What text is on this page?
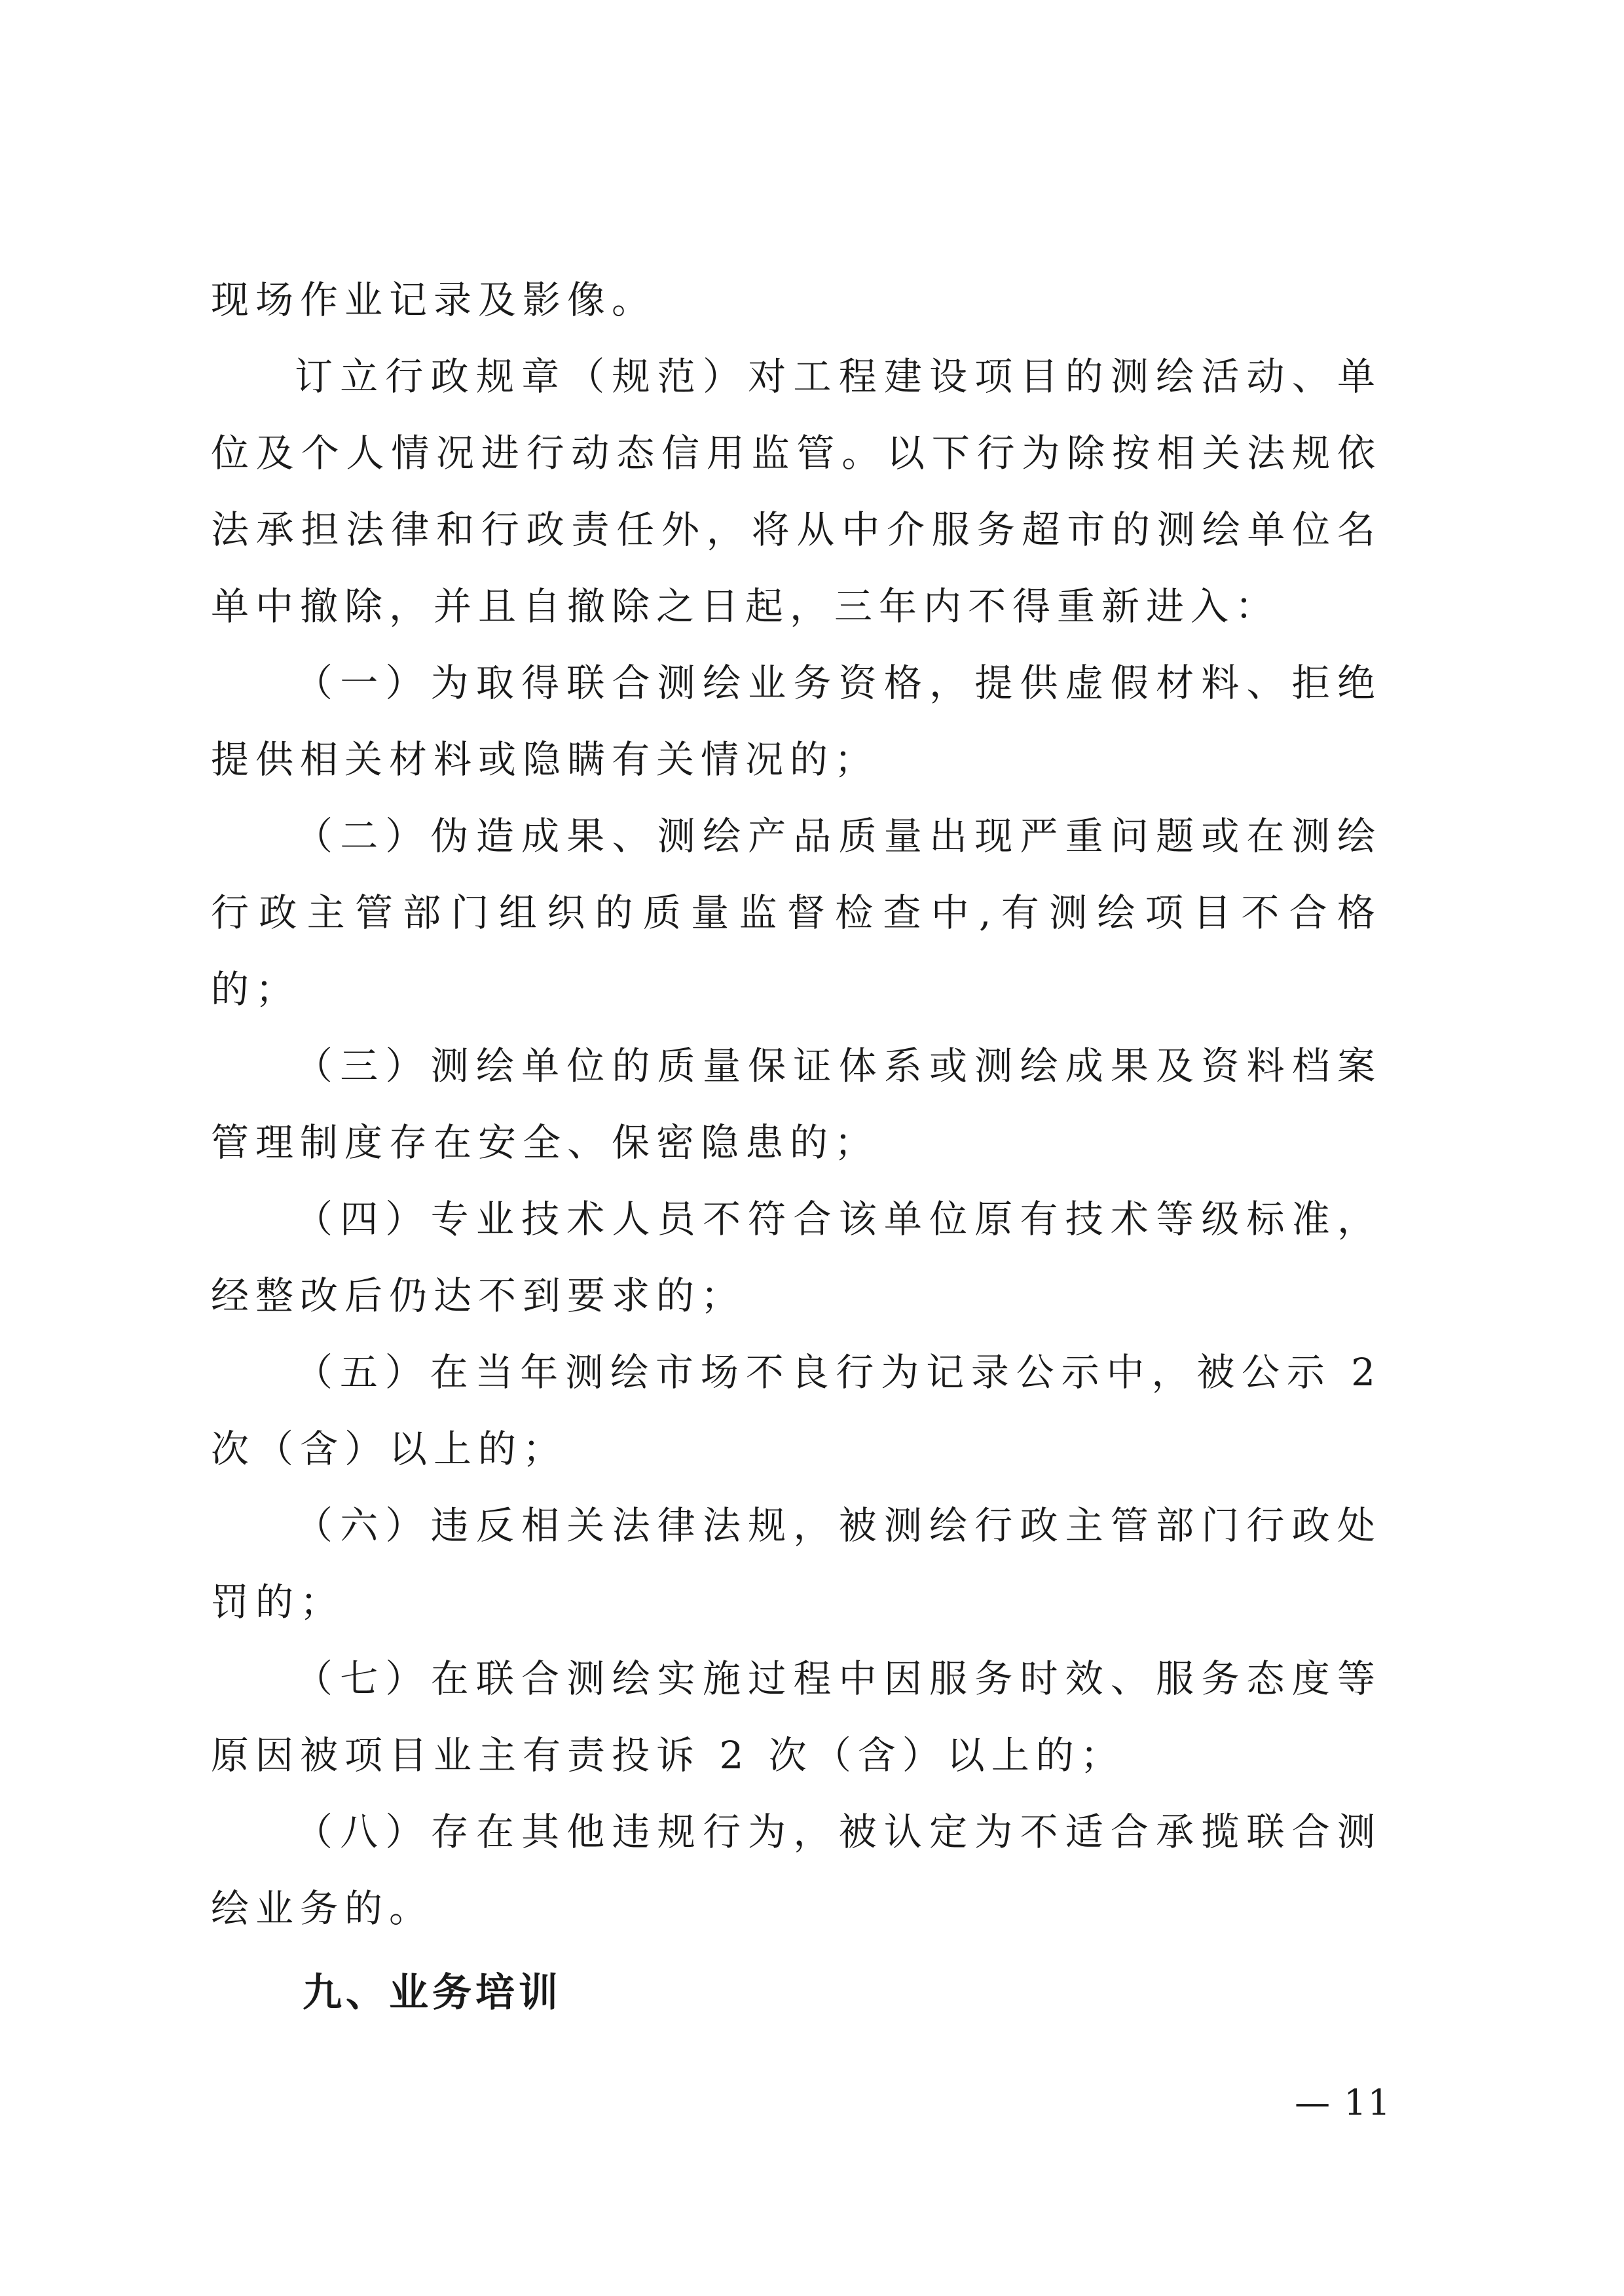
现场作业记录及影像。

订立行政规章（规范）对工程建设项目的测绘活动、单位及个人情况进行动态信用监管。以下行为除按相关法规依法承担法律和行政责任外，将从中介服务超市的测绘单位名单中撤除，并且自撤除之日起，三年内不得重新进入：

（一）为取得联合测绘业务资格，提供虚假材料、拒绝提供相关材料或隐瞒有关情况的；

（二）伪造成果、测绘产品质量出现严重问题或在测绘行政主管部门组织的质量监督检查中,有测绘项目不合格的；

（三）测绘单位的质量保证体系或测绘成果及资料档案管理制度存在安全、保密隐患的；

（四）专业技术人员不符合该单位原有技术等级标准，经整改后仍达不到要求的；

（五）在当年测绘市场不良行为记录公示中，被公示 2 次（含）以上的；

（六）违反相关法律法规，被测绘行政主管部门行政处罚的；

（七）在联合测绘实施过程中因服务时效、服务态度等原因被项目业主有责投诉 2 次（含）以上的；

（八）存在其他违规行为，被认定为不适合承揽联合测绘业务的。

九、业务培训
— 11
